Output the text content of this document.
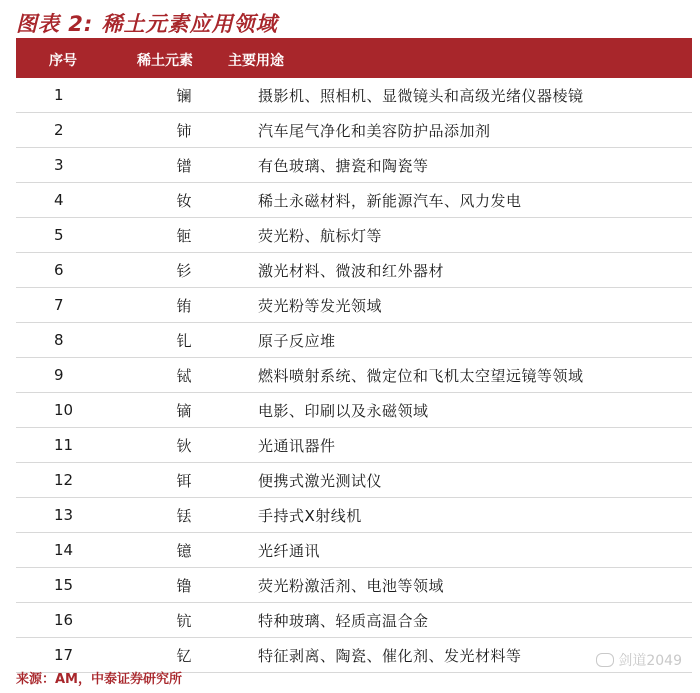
图表 2: 稀土元素应用领域
序号	稀土元素	主要用途
1	镧	摄影机、照相机、显微镜头和高级光绪仪器棱镜
2	铈	汽车尾气净化和美容防护品添加剂
3	镨	有色玻璃、搪瓷和陶瓷等
4	钕	稀土永磁材料，新能源汽车、风力发电
5	钷	荧光粉、航标灯等
6	钐	激光材料、微波和红外器材
7	铕	荧光粉等发光领域
8	钆	原子反应堆
9	铽	燃料喷射系统、微定位和飞机太空望远镜等领域
10	镝	电影、印刷以及永磁领域
11	钬	光通讯器件
12	铒	便携式激光测试仪
13	铥	手持式X射线机
14	镱	光纤通讯
15	镥	荧光粉激活剂、电池等领域
16	钪	特种玻璃、轻质高温合金
17	钇	特征剥离、陶瓷、催化剂、发光材料等
来源：AM，中泰证券研究所
剑道2049
